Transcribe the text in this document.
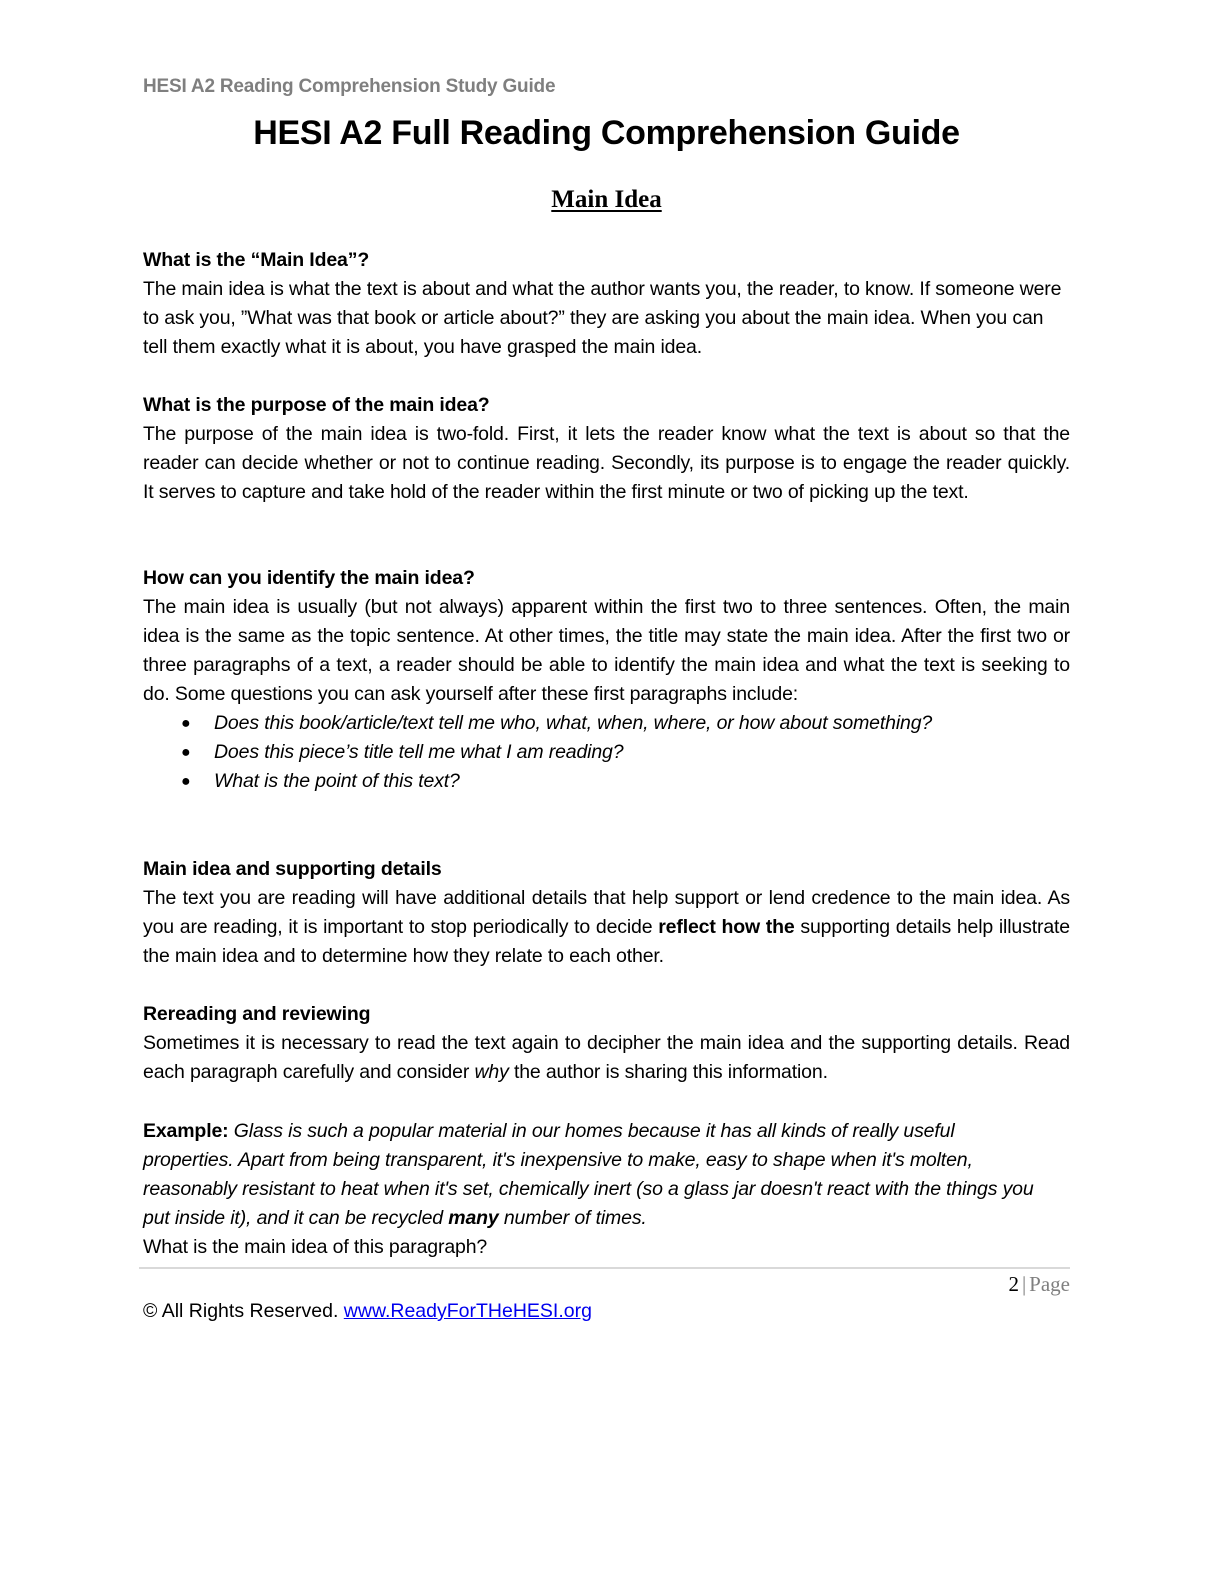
HESI A2 Reading Comprehension Study Guide
HESI A2 Full Reading Comprehension Guide
Main Idea
What is the “Main Idea”?

The main idea is what the text is about and what the author wants you, the reader, to know. If someone were to ask you, ”What was that book or article about?” they are asking you about the main idea. When you can tell them exactly what it is about, you have grasped the main idea.

What is the purpose of the main idea?

The purpose of the main idea is two-fold. First, it lets the reader know what the text is about so that the reader can decide whether or not to continue reading. Secondly, its purpose is to engage the reader quickly. It serves to capture and take hold of the reader within the first minute or two of picking up the text.

How can you identify the main idea?

The main idea is usually (but not always) apparent within the first two to three sentences. Often, the main idea is the same as the topic sentence. At other times, the title may state the main idea. After the first two or three paragraphs of a text, a reader should be able to identify the main idea and what the text is seeking to do. Some questions you can ask yourself after these first paragraphs include:

● Does this book/article/text tell me who, what, when, where, or how about something?
● Does this piece’s title tell me what I am reading?
● What is the point of this text?
Main idea and supporting details

The text you are reading will have additional details that help support or lend credence to the main idea. As you are reading, it is important to stop periodically to decide reflect how the supporting details help illustrate the main idea and to determine how they relate to each other.

Rereading and reviewing

Sometimes it is necessary to read the text again to decipher the main idea and the supporting details. Read each paragraph carefully and consider why the author is sharing this information.

Example: Glass is such a popular material in our homes because it has all kinds of really useful properties. Apart from being transparent, it's inexpensive to make, easy to shape when it's molten, reasonably resistant to heat when it's set, chemically inert (so a glass jar doesn't react with the things you put inside it), and it can be recycled many number of times.

What is the main idea of this paragraph?

2 | Page
© All Rights Reserved. www.ReadyForTHeHESI.org
